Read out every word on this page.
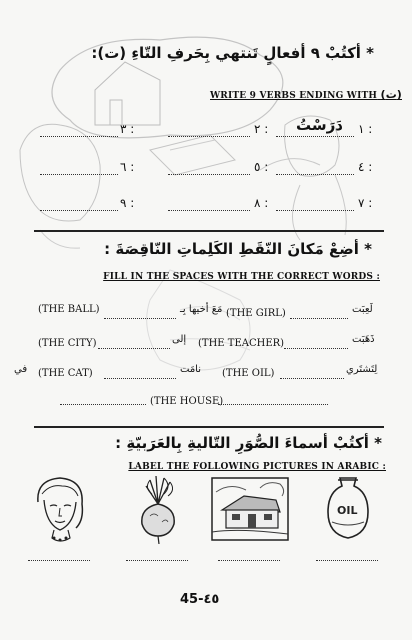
* أكتُبْ ٩ أفعالٍ تَنتهي بِحَرفِ التّاءِ (ت):
WRITE 9 VERBS ENDING WITH (ت)
١ :
دَرَسْتُ
٢ :
٣ :
٤ :
٥ :
٦ :
٧ :
٨ :
٩ :
* أضِعْ مَكانَ النّقَطِ الكَلِماتِ النّاقِصَةَ :
FILL IN THE SPACES WITH THE CORRECT WORDS :
لَعِبَت
(THE GIRL)
مَعَ أخيها بِـ
(THE BALL)
ذَهَبَت
(THE TEACHER)
إلى
(THE CITY)
لِتَشتَري
(THE OIL)
نامَت
(THE CAT)
في
(THE HOUSE)
* أكتُبْ أسماءَ الصُّوَرِ التّاليةِ بِالعَرَبيّةِ :
LABEL THE FOLLOWING PICTURES IN ARABIC :
OIL
45-٤٥
